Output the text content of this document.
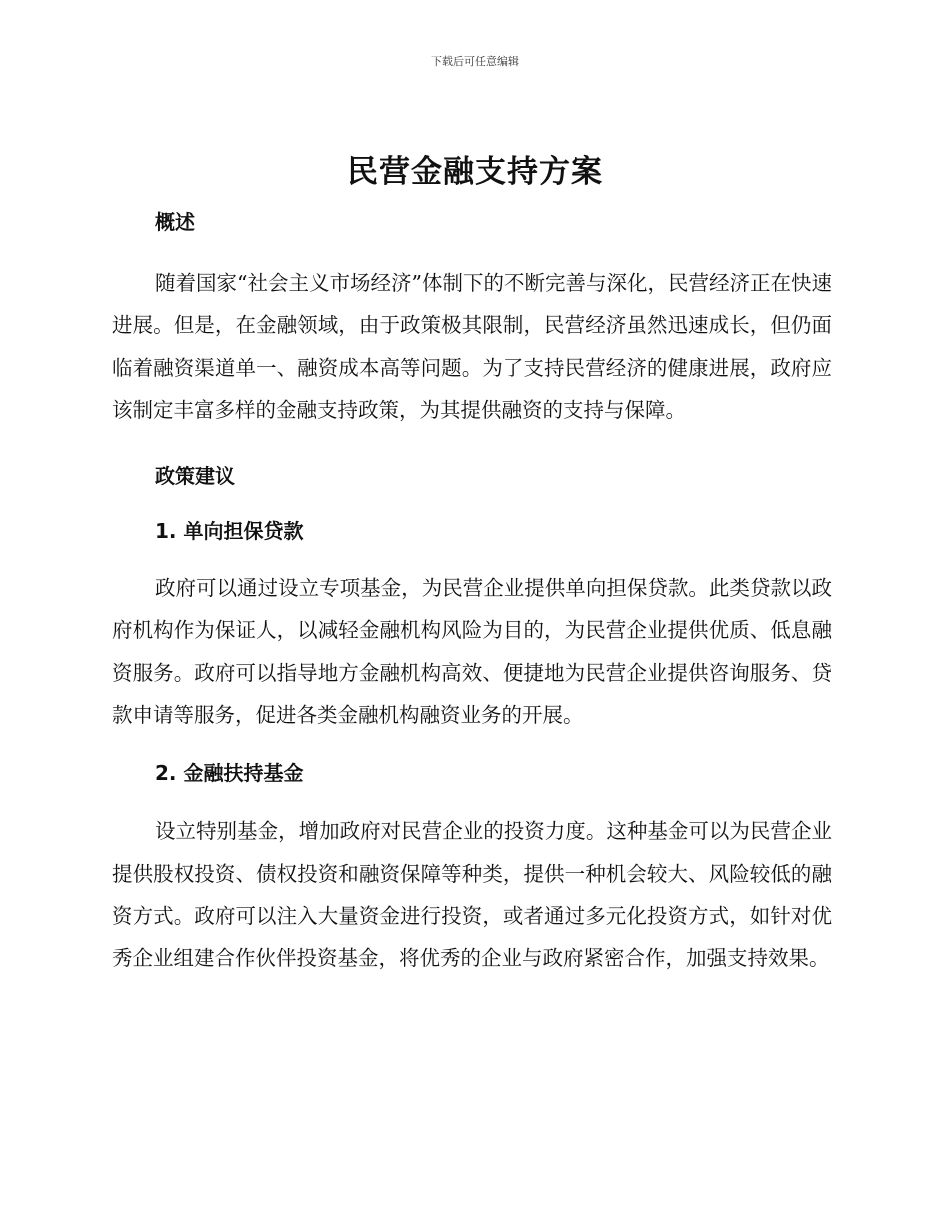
下载后可任意编辑
民营金融支持方案
概述

随着国家“社会主义市场经济”体制下的不断完善与深化，民营经济正在快速进展。但是，在金融领域，由于政策极其限制，民营经济虽然迅速成长，但仍面临着融资渠道单一、融资成本高等问题。为了支持民营经济的健康进展，政府应该制定丰富多样的金融支持政策，为其提供融资的支持与保障。

政策建议
1. 单向担保贷款

政府可以通过设立专项基金，为民营企业提供单向担保贷款。此类贷款以政府机构作为保证人，以减轻金融机构风险为目的，为民营企业提供优质、低息融资服务。政府可以指导地方金融机构高效、便捷地为民营企业提供咨询服务、贷款申请等服务，促进各类金融机构融资业务的开展。

2. 金融扶持基金

设立特别基金，增加政府对民营企业的投资力度。这种基金可以为民营企业提供股权投资、债权投资和融资保障等种类，提供一种机会较大、风险较低的融资方式。政府可以注入大量资金进行投资，或者通过多元化投资方式，如针对优秀企业组建合作伙伴投资基金，将优秀的企业与政府紧密合作，加强支持效果。
